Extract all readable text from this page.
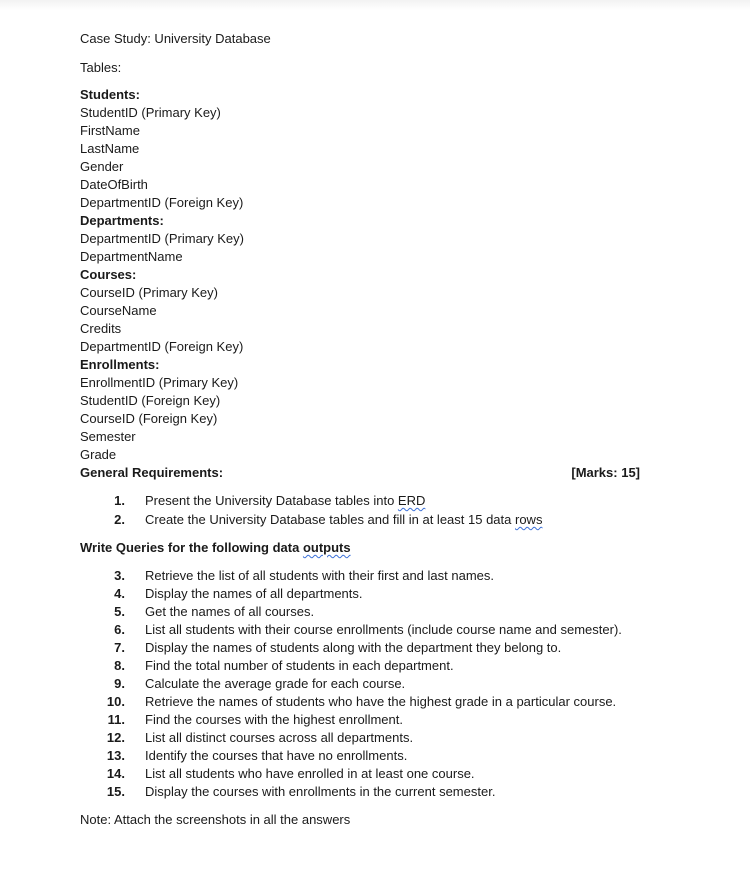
Case Study: University Database
Tables:
Students:
StudentID (Primary Key)
FirstName
LastName
Gender
DateOfBirth
DepartmentID (Foreign Key)
Departments:
DepartmentID (Primary Key)
DepartmentName
Courses:
CourseID (Primary Key)
CourseName
Credits
DepartmentID (Foreign Key)
Enrollments:
EnrollmentID (Primary Key)
StudentID (Foreign Key)
CourseID (Foreign Key)
Semester
Grade
General Requirements:	[Marks: 15]
1. Present the University Database tables into ERD
2. Create the University Database tables and fill in at least 15 data rows
Write Queries for the following data outputs
3. Retrieve the list of all students with their first and last names.
4. Display the names of all departments.
5. Get the names of all courses.
6. List all students with their course enrollments (include course name and semester).
7. Display the names of students along with the department they belong to.
8. Find the total number of students in each department.
9. Calculate the average grade for each course.
10. Retrieve the names of students who have the highest grade in a particular course.
11. Find the courses with the highest enrollment.
12. List all distinct courses across all departments.
13. Identify the courses that have no enrollments.
14. List all students who have enrolled in at least one course.
15. Display the courses with enrollments in the current semester.
Note: Attach the screenshots in all the answers
